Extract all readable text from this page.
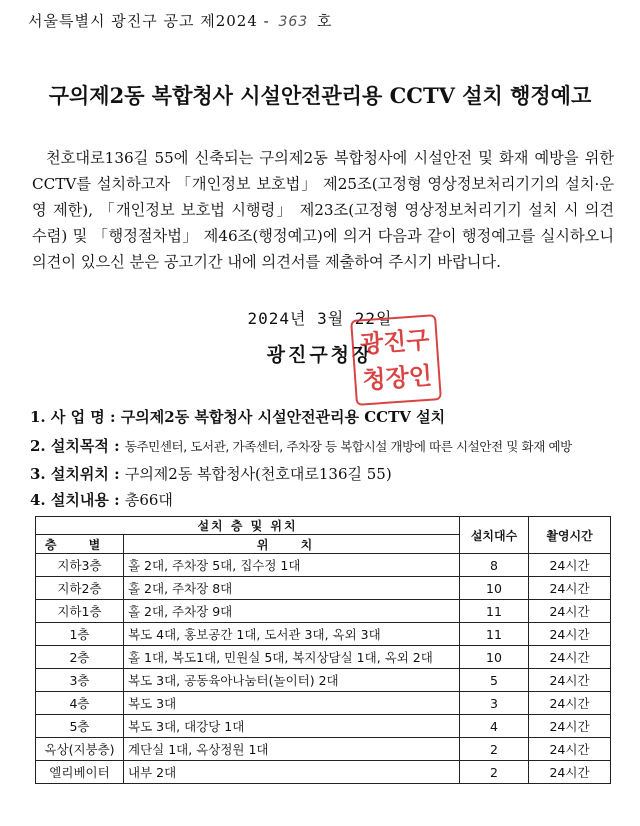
서울특별시 광진구 공고 제2024 - 363 호
구의제2동 복합청사 시설안전관리용 CCTV 설치 행정예고
천호대로136길 55에 신축되는 구의제2동 복합청사에 시설안전 및 화재 예방을 위한 CCTV를 설치하고자 「개인정보 보호법」 제25조(고정형 영상정보처리기기의 설치·운영 제한), 「개인정보 보호법 시행령」 제23조(고정형 영상정보처리기기 설치 시 의견 수렴) 및 「행정절차법」 제46조(행정예고)에 의거 다음과 같이 행정예고를 실시하오니 의견이 있으신 분은 공고기간 내에 의견서를 제출하여 주시기 바랍니다.
2024년 3월 22일
광진구청장
광진구
청장인
1. 사 업 명 : 구의제2동 복합청사 시설안전관리용 CCTV 설치
2. 설치목적 : 동주민센터, 도서관, 가족센터, 주차장 등 복합시설 개방에 따른 시설안전 및 화재 예방
3. 설치위치 : 구의제2동 복합청사(천호대로136길 55)
4. 설치내용 : 총66대
설치 층 및 위치		설치대수	촬영시간
층 별	위 치		
지하3층	홀 2대, 주차장 5대, 집수정 1대	8	24시간
지하2층	홀 2대, 주차장 8대	10	24시간
지하1층	홀 2대, 주차장 9대	11	24시간
1층	복도 4대, 홍보공간 1대, 도서관 3대, 옥외 3대	11	24시간
2층	홀 1대, 복도1대, 민원실 5대, 복지상담실 1대, 옥외 2대	10	24시간
3층	복도 3대, 공동육아나눔터(놀이터) 2대	5	24시간
4층	복도 3대	3	24시간
5층	복도 3대, 대강당 1대	4	24시간
옥상(지붕층)	계단실 1대, 옥상정원 1대	2	24시간
엘리베이터	내부 2대	2	24시간
